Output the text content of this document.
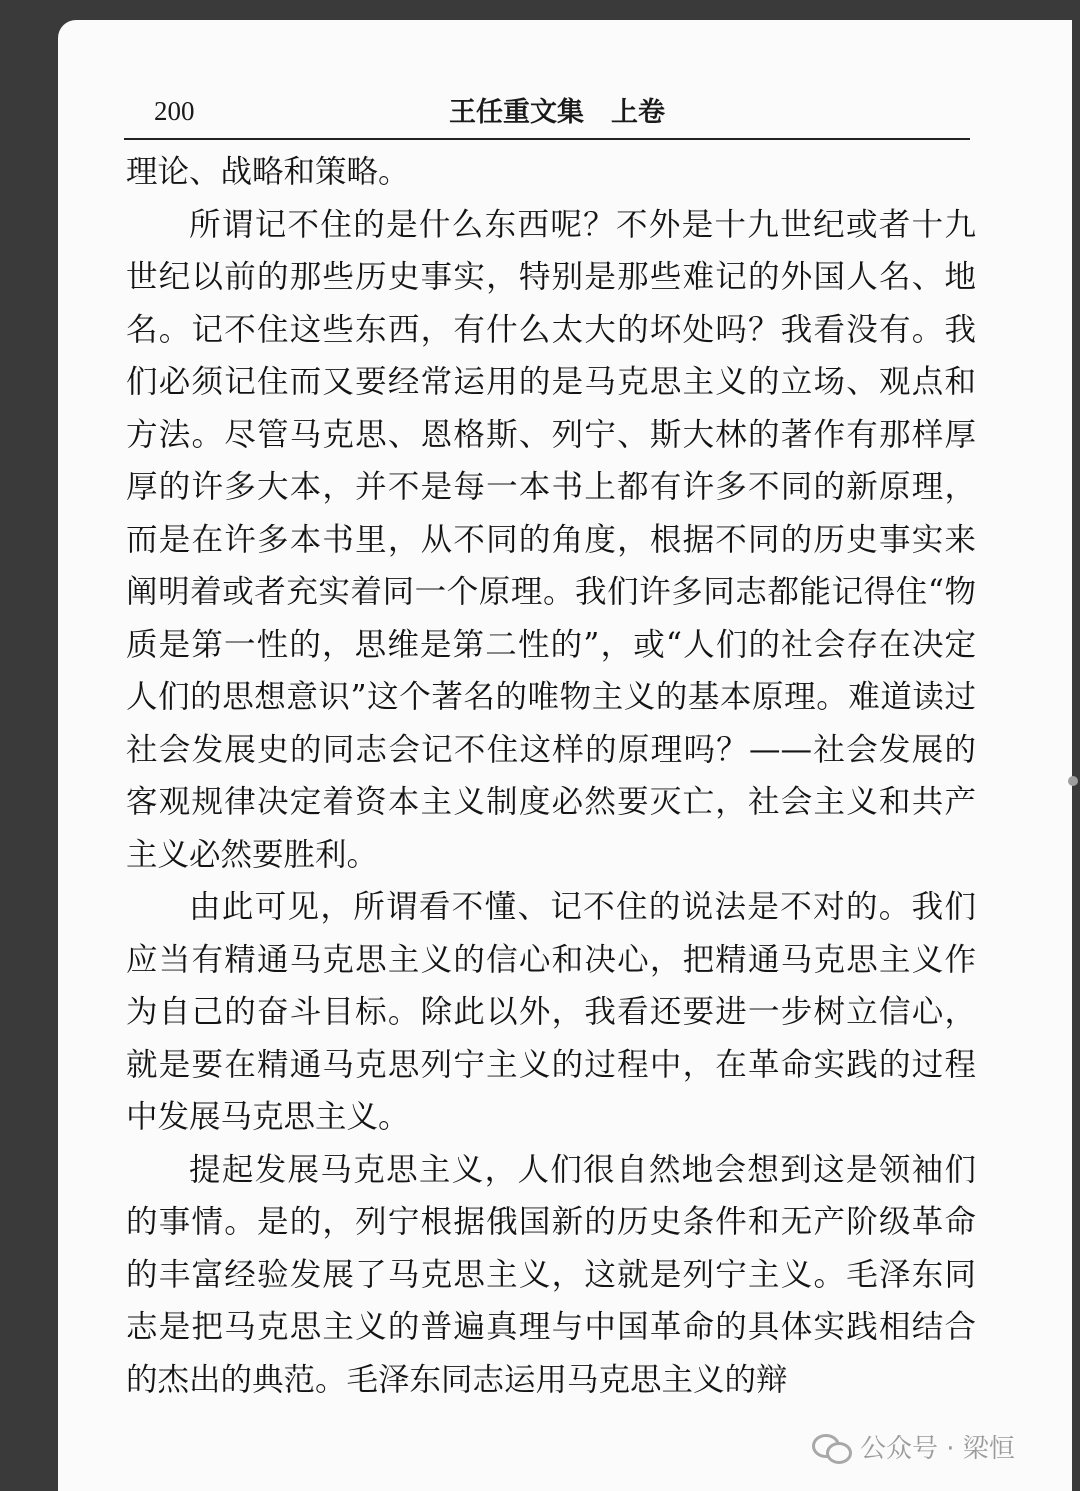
200	王任重文集　上卷

理论、战略和策略。

所谓记不住的是什么东西呢？不外是十九世纪或者十九世纪以前的那些历史事实，特别是那些难记的外国人名、地名。记不住这些东西，有什么太大的坏处吗？我看没有。我们必须记住而又要经常运用的是马克思主义的立场、观点和方法。尽管马克思、恩格斯、列宁、斯大林的著作有那样厚厚的许多大本，并不是每一本书上都有许多不同的新原理，而是在许多本书里，从不同的角度，根据不同的历史事实来阐明着或者充实着同一个原理。我们许多同志都能记得住“物质是第一性的，思维是第二性的”，或“人们的社会存在决定人们的思想意识”这个著名的唯物主义的基本原理。难道读过社会发展史的同志会记不住这样的原理吗？——社会发展的客观规律决定着资本主义制度必然要灭亡，社会主义和共产主义必然要胜利。

由此可见，所谓看不懂、记不住的说法是不对的。我们应当有精通马克思主义的信心和决心，把精通马克思主义作为自己的奋斗目标。除此以外，我看还要进一步树立信心，就是要在精通马克思列宁主义的过程中，在革命实践的过程中发展马克思主义。

提起发展马克思主义，人们很自然地会想到这是领袖们的事情。是的，列宁根据俄国新的历史条件和无产阶级革命的丰富经验发展了马克思主义，这就是列宁主义。毛泽东同志是把马克思主义的普遍真理与中国革命的具体实践相结合的杰出的典范。毛泽东同志运用马克思主义的辩

公众号 · 梁恒
